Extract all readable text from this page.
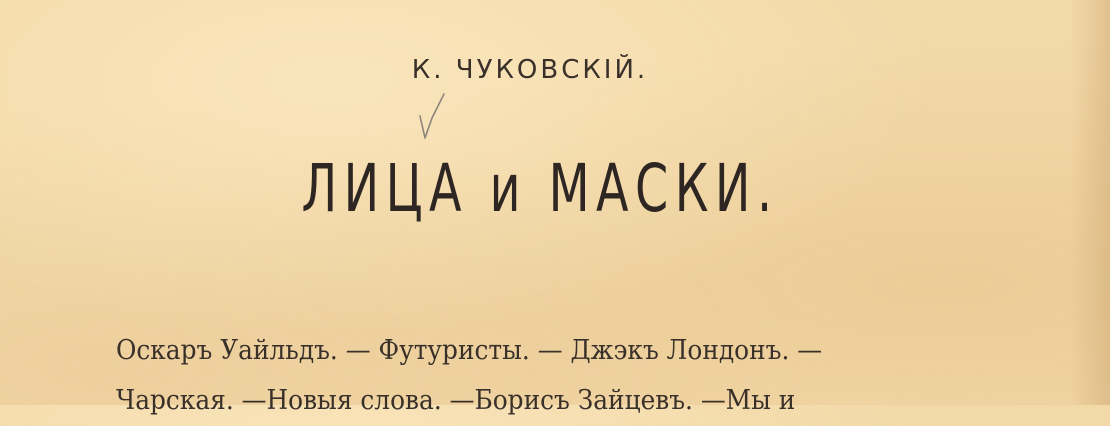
К. ЧУКОВСКІЙ.
ЛИЦА и МАСКИ.
Оскаръ Уайльдъ. — Футуристы. — Джэкъ Лондонъ. —
Чарская. —Новыя слова. —Борисъ Зайцевъ. —Мы и
